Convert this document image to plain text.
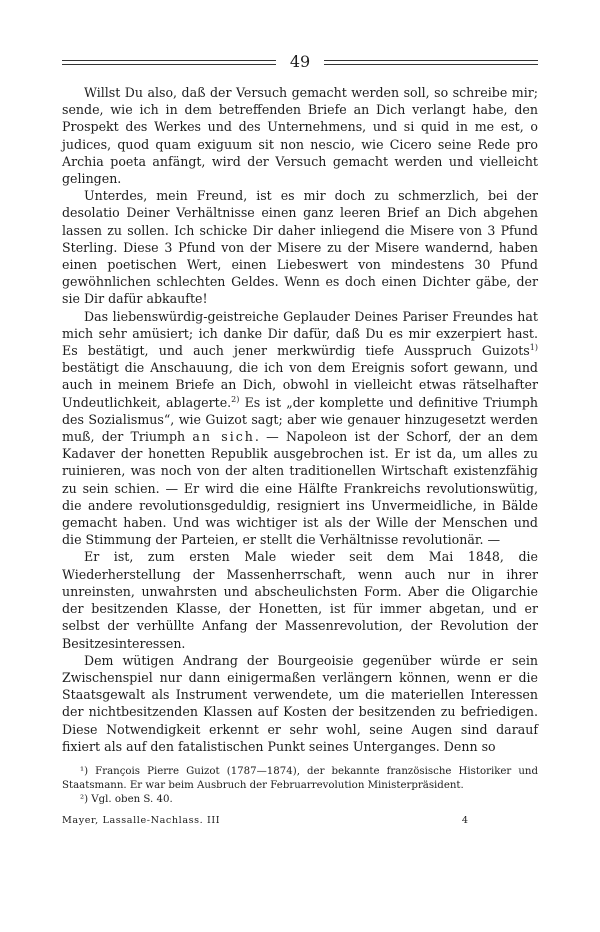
49

Willst Du also, daß der Versuch gemacht werden soll, so schreibe mir; sende, wie ich in dem betreffenden Briefe an Dich verlangt habe, den Prospekt des Werkes und des Unternehmens, und si quid in me est, o judices, quod quam exiguum sit non nescio, wie Cicero seine Rede pro Archia poeta anfängt, wird der Versuch gemacht werden und vielleicht gelingen.

Unterdes, mein Freund, ist es mir doch zu schmerzlich, bei der desolatio Deiner Verhältnisse einen ganz leeren Brief an Dich abgehen lassen zu sollen. Ich schicke Dir daher inliegend die Misere von 3 Pfund Sterling. Diese 3 Pfund von der Misere zu der Misere wandernd, haben einen poetischen Wert, einen Liebeswert von mindestens 30 Pfund gewöhnlichen schlechten Geldes. Wenn es doch einen Dichter gäbe, der sie Dir dafür abkaufte!

Das liebenswürdig-geistreiche Geplauder Deines Pariser Freundes hat mich sehr amüsiert; ich danke Dir dafür, daß Du es mir exzerpiert hast. Es bestätigt, und auch jener merkwürdig tiefe Ausspruch Guizots$^{1)}$ bestätigt die Anschauung, die ich von dem Ereignis sofort gewann, und auch in meinem Briefe an Dich, obwohl in vielleicht etwas rätselhafter Undeutlichkeit, ablagerte.$^{2)}$ Es ist „der komplette und definitive Triumph des Sozialismus“, wie Guizot sagt; aber wie genauer hinzugesetzt werden muß, der Triumph an sich. — Napoleon ist der Schorf, der an dem Kadaver der honetten Republik ausgebrochen ist. Er ist da, um alles zu ruinieren, was noch von der alten traditionellen Wirtschaft existenzfähig zu sein schien. — Er wird die eine Hälfte Frankreichs revolutionswütig, die andere revolutionsgeduldig, resigniert ins Unvermeidliche, in Bälde gemacht haben. Und was wichtiger ist als der Wille der Menschen und die Stimmung der Parteien, er stellt die Verhältnisse revolutionär. —

Er ist, zum ersten Male wieder seit dem Mai 1848, die Wiederherstellung der Massenherrschaft, wenn auch nur in ihrer unreinsten, unwahrsten und abscheulichsten Form. Aber die Oligarchie der besitzenden Klasse, der Honetten, ist für immer abgetan, und er selbst der verhüllte Anfang der Massenrevolution, der Revolution der Besitzesinteressen.

Dem wütigen Andrang der Bourgeoisie gegenüber würde er sein Zwischenspiel nur dann einigermaßen verlängern können, wenn er die Staatsgewalt als Instrument verwendete, um die materiellen Interessen der nichtbesitzenden Klassen auf Kosten der besitzenden zu befriedigen. Diese Notwendigkeit erkennt er sehr wohl, seine Augen sind darauf fixiert als auf den fatalistischen Punkt seines Unterganges. Denn so

¹) François Pierre Guizot (1787—1874), der bekannte französische Historiker und Staatsmann. Er war beim Ausbruch der Februarrevolution Ministerpräsident.

²) Vgl. oben S. 40.

Mayer, Lassalle-Nachlass. III	4
